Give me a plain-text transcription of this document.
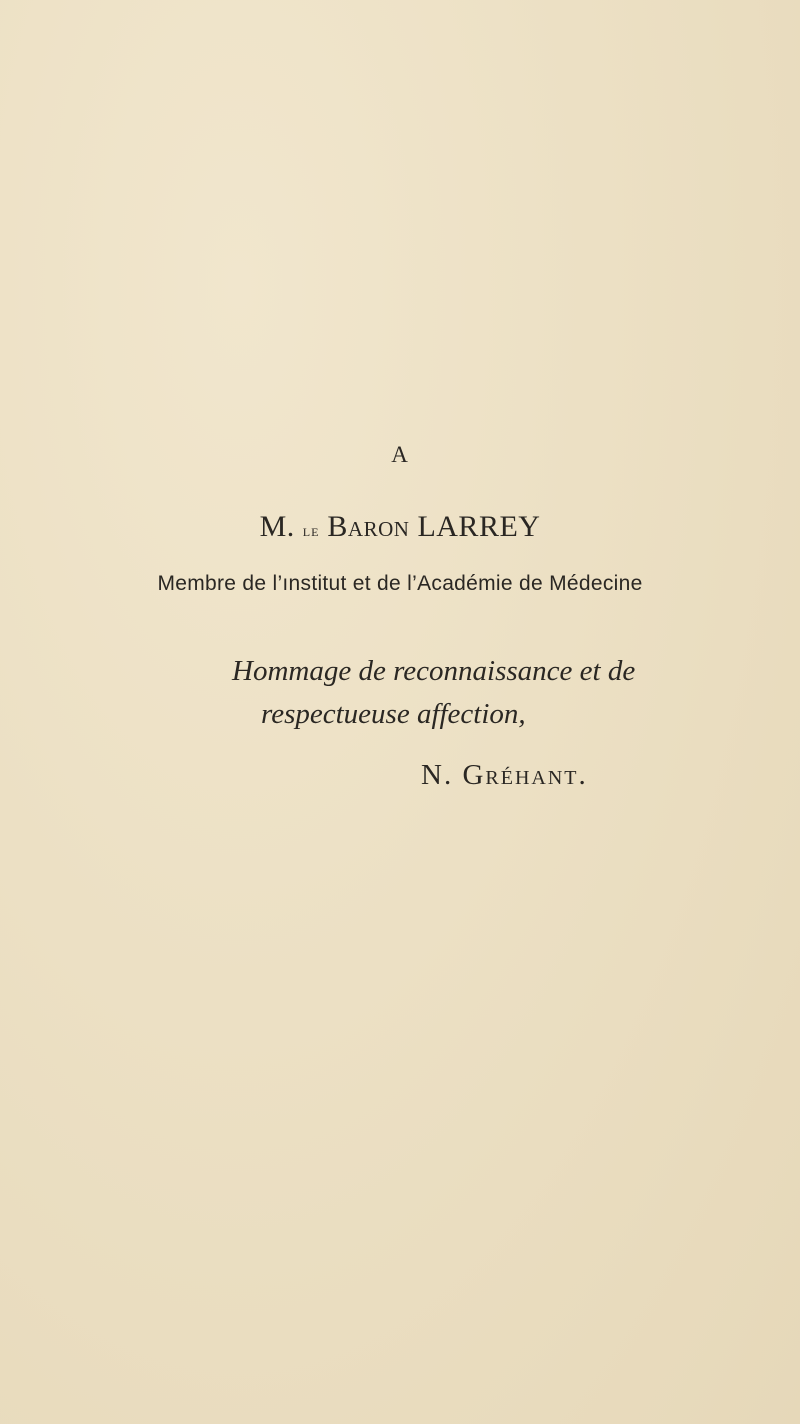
A
M. le Baron LARREY
Membre de l’ınstitut et de l’Académie de Médecine
Hommage de reconnaissance et de
respectueuse affection,
N. Gréhant.
